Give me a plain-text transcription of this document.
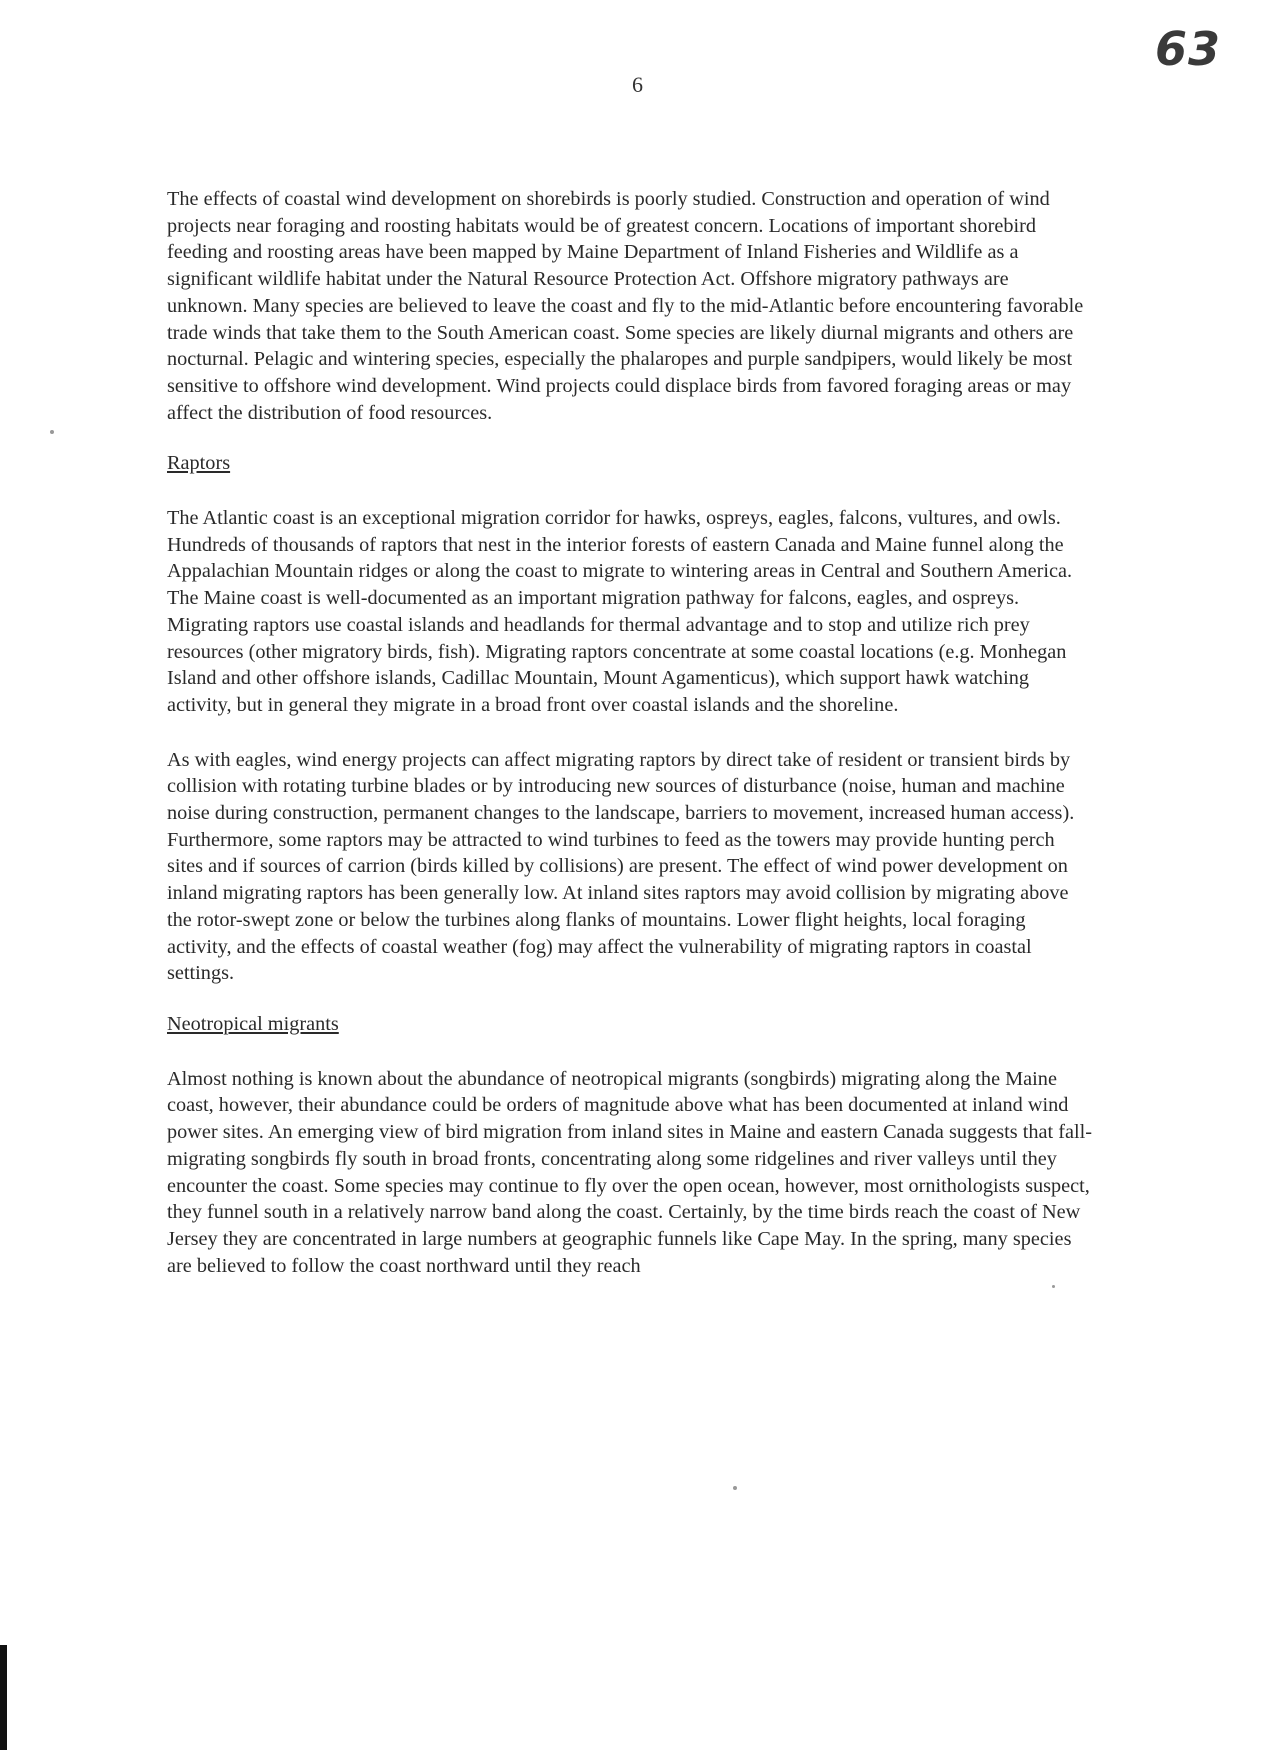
6
63

The effects of coastal wind development on shorebirds is poorly studied. Construction and operation of wind projects near foraging and roosting habitats would be of greatest concern. Locations of important shorebird feeding and roosting areas have been mapped by Maine Department of Inland Fisheries and Wildlife as a significant wildlife habitat under the Natural Resource Protection Act. Offshore migratory pathways are unknown. Many species are believed to leave the coast and fly to the mid-Atlantic before encountering favorable trade winds that take them to the South American coast. Some species are likely diurnal migrants and others are nocturnal. Pelagic and wintering species, especially the phalaropes and purple sandpipers, would likely be most sensitive to offshore wind development. Wind projects could displace birds from favored foraging areas or may affect the distribution of food resources.

Raptors

The Atlantic coast is an exceptional migration corridor for hawks, ospreys, eagles, falcons, vultures, and owls. Hundreds of thousands of raptors that nest in the interior forests of eastern Canada and Maine funnel along the Appalachian Mountain ridges or along the coast to migrate to wintering areas in Central and Southern America. The Maine coast is well-documented as an important migration pathway for falcons, eagles, and ospreys. Migrating raptors use coastal islands and headlands for thermal advantage and to stop and utilize rich prey resources (other migratory birds, fish). Migrating raptors concentrate at some coastal locations (e.g. Monhegan Island and other offshore islands, Cadillac Mountain, Mount Agamenticus), which support hawk watching activity, but in general they migrate in a broad front over coastal islands and the shoreline.

As with eagles, wind energy projects can affect migrating raptors by direct take of resident or transient birds by collision with rotating turbine blades or by introducing new sources of disturbance (noise, human and machine noise during construction, permanent changes to the landscape, barriers to movement, increased human access). Furthermore, some raptors may be attracted to wind turbines to feed as the towers may provide hunting perch sites and if sources of carrion (birds killed by collisions) are present. The effect of wind power development on inland migrating raptors has been generally low. At inland sites raptors may avoid collision by migrating above the rotor-swept zone or below the turbines along flanks of mountains. Lower flight heights, local foraging activity, and the effects of coastal weather (fog) may affect the vulnerability of migrating raptors in coastal settings.

Neotropical migrants

Almost nothing is known about the abundance of neotropical migrants (songbirds) migrating along the Maine coast, however, their abundance could be orders of magnitude above what has been documented at inland wind power sites. An emerging view of bird migration from inland sites in Maine and eastern Canada suggests that fall-migrating songbirds fly south in broad fronts, concentrating along some ridgelines and river valleys until they encounter the coast. Some species may continue to fly over the open ocean, however, most ornithologists suspect, they funnel south in a relatively narrow band along the coast. Certainly, by the time birds reach the coast of New Jersey they are concentrated in large numbers at geographic funnels like Cape May. In the spring, many species are believed to follow the coast northward until they reach
